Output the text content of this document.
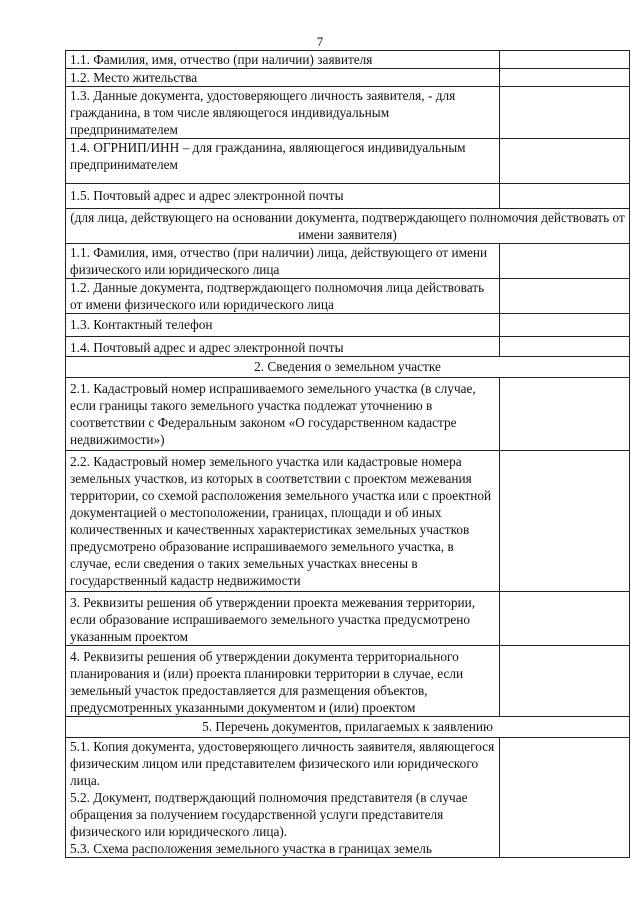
7
1.1. Фамилия, имя, отчество (при наличии) заявителя	
1.2. Место жительства	
1.3. Данные документа, удостоверяющего личность заявителя, - для гражданина, в том числе являющегося индивидуальным предпринимателем	
1.4. ОГРНИП/ИНН – для гражданина, являющегося индивидуальным предпринимателем	
1.5. Почтовый адрес и адрес электронной почты	
(для лица, действующего на основании документа, подтверждающего полномочия действовать от имени заявителя)	
1.1. Фамилия, имя, отчество (при наличии) лица, действующего от имени физического или юридического лица	
1.2. Данные документа, подтверждающего полномочия лица действовать от имени физического или юридического лица	
1.3. Контактный телефон	
1.4. Почтовый адрес и адрес электронной почты	
2. Сведения о земельном участке	
2.1. Кадастровый номер испрашиваемого земельного участка (в случае, если границы такого земельного участка подлежат уточнению в соответствии с Федеральным законом «О государственном кадастре недвижимости»)	
2.2. Кадастровый номер земельного участка или кадастровые номера земельных участков, из которых в соответствии с проектом межевания территории, со схемой расположения земельного участка или с проектной документацией о местоположении, границах, площади и об иных количественных и качественных характеристиках земельных участков предусмотрено образование испрашиваемого земельного участка, в случае, если сведения о таких земельных участках внесены в государственный кадастр недвижимости	
3. Реквизиты решения об утверждении проекта межевания территории, если образование испрашиваемого земельного участка предусмотрено указанным проектом	
4. Реквизиты решения об утверждении документа территориального планирования и (или) проекта планировки территории в случае, если земельный участок предоставляется для размещения объектов, предусмотренных указанными документом и (или) проектом	
5. Перечень документов, прилагаемых к заявлению	

5.1. Копия документа, удостоверяющего личность заявителя, являющегося физическим лицом или представителем физического или юридического лица.
5.2. Документ, подтверждающий полномочия представителя (в случае обращения за получением государственной услуги представителя физического или юридического лица).
5.3. Схема расположения земельного участка в границах земель	
